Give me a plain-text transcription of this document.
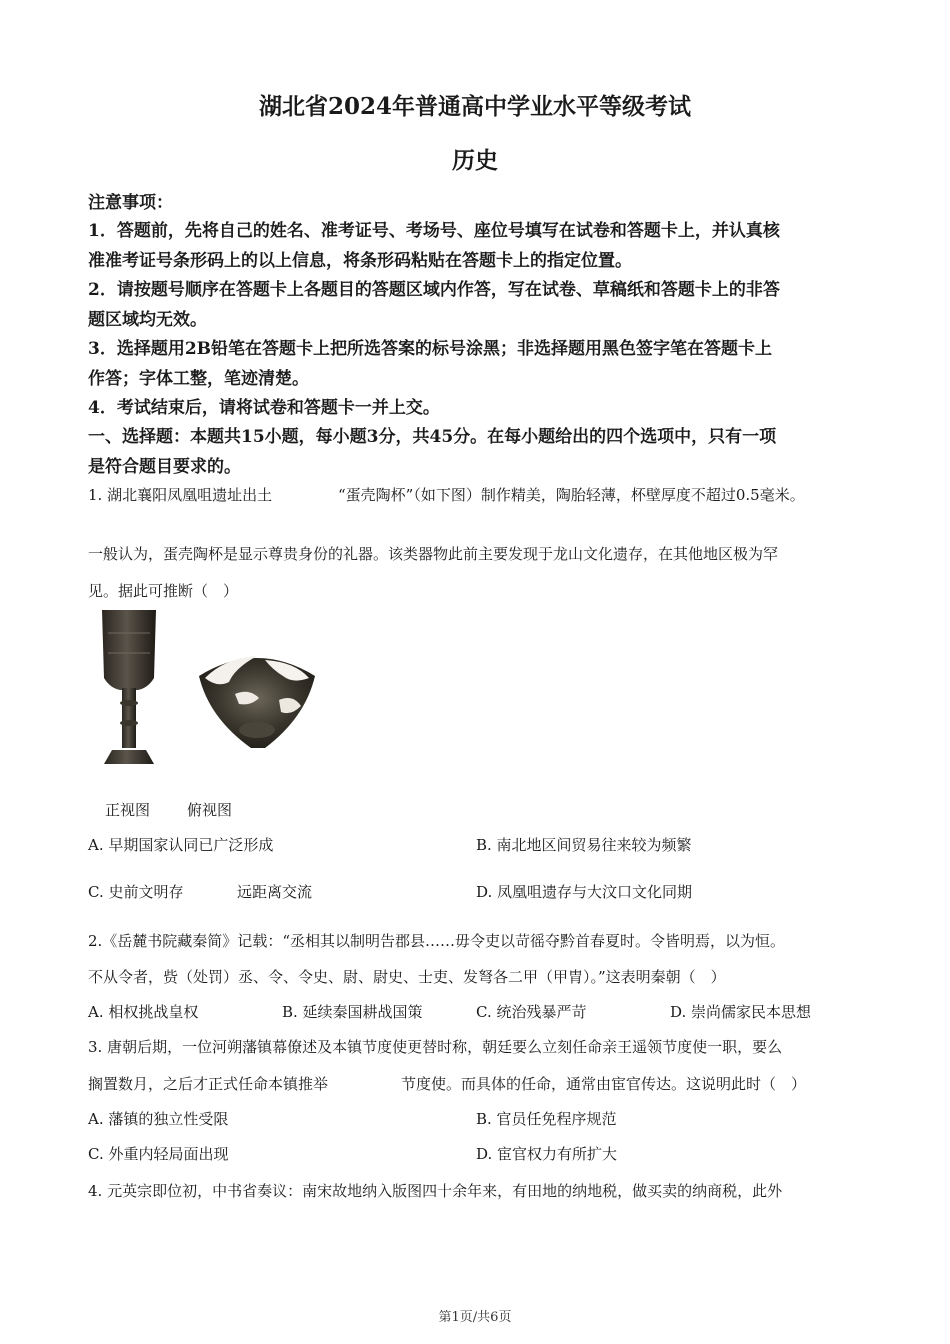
湖北省2024年普通高中学业水平等级考试
历史
注意事项：
1．答题前，先将自己的姓名、准考证号、考场号、座位号填写在试卷和答题卡上，并认真核
准准考证号条形码上的以上信息，将条形码粘贴在答题卡上的指定位置。
2．请按题号顺序在答题卡上各题目的答题区域内作答，写在试卷、草稿纸和答题卡上的非答
题区域均无效。
3．选择题用2B铅笔在答题卡上把所选答案的标号涂黑；非选择题用黑色签字笔在答题卡上
作答；字体工整，笔迹清楚。
4．考试结束后，请将试卷和答题卡一并上交。
一、选择题：本题共15小题，每小题3分，共45分。在每小题给出的四个选项中，只有一项
是符合题目要求的。
1. 湖北襄阳凤凰咀遗址出土	“蛋壳陶杯”（如下图）制作精美，陶胎轻薄，杯壁厚度不超过0.5毫米。
一般认为，蛋壳陶杯是显示尊贵身份的礼器。该类器物此前主要发现于龙山文化遗存，在其他地区极为罕
见。据此可推断（　）
正视图 俯视图
A. 早期国家认同已广泛形成	B. 南北地区间贸易往来较为频繁
C. 史前文明存	远距离交流	D. 凤凰咀遗存与大汶口文化同期
2.《岳麓书院藏秦简》记载：“丞相其以制明告郡县……毋令吏以苛徭夺黔首春夏时。令皆明焉，以为恒。
不从令者，赀（处罚）丞、令、令史、尉、尉史、士吏、发弩各二甲（甲胄）。”这表明秦朝（　）
A. 相权挑战皇权	B. 延续秦国耕战国策	C. 统治残暴严苛	D. 崇尚儒家民本思想
3. 唐朝后期，一位河朔藩镇幕僚述及本镇节度使更替时称，朝廷要么立刻任命亲王遥领节度使一职，要么
搁置数月，之后才正式任命本镇推举	节度使。而具体的任命，通常由宦官传达。这说明此时（　）
A. 藩镇的独立性受限	B. 官员任免程序规范
C. 外重内轻局面出现	D. 宦官权力有所扩大
4. 元英宗即位初，中书省奏议：南宋故地纳入版图四十余年来，有田地的纳地税，做买卖的纳商税，此外
第1页/共6页
